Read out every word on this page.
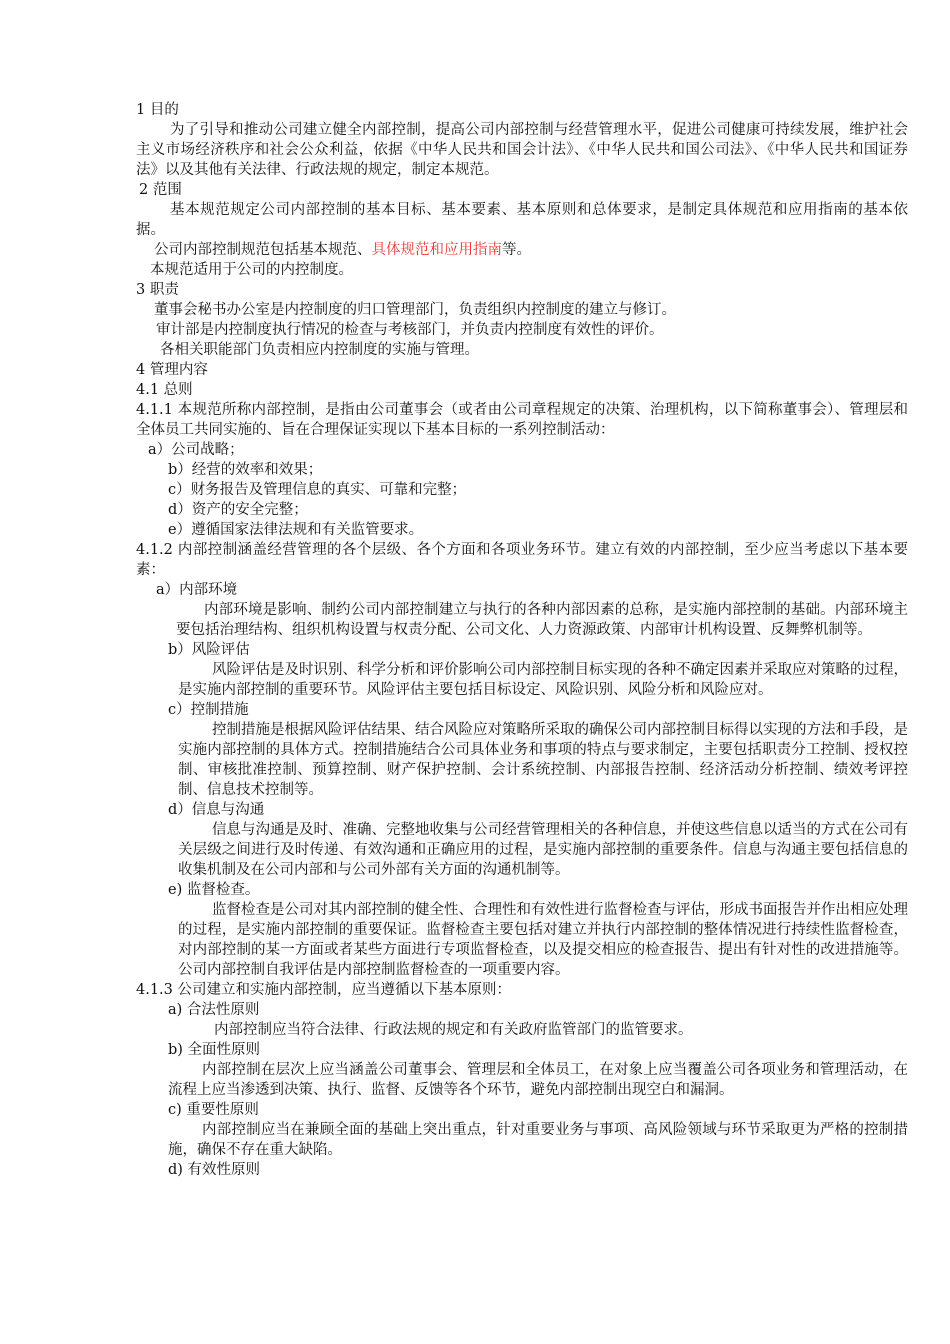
1 目的

为了引导和推动公司建立健全内部控制，提高公司内部控制与经营管理水平，促进公司健康可持续发展，维护社会主义市场经济秩序和社会公众利益，依据《中华人民共和国会计法》、《中华人民共和国公司法》、《中华人民共和国证券法》以及其他有关法律、行政法规的规定，制定本规范。

2 范围

基本规范规定公司内部控制的基本目标、基本要素、基本原则和总体要求，是制定具体规范和应用指南的基本依据。

公司内部控制规范包括基本规范、具体规范和应用指南等。

本规范适用于公司的内控制度。

3 职责

董事会秘书办公室是内控制度的归口管理部门，负责组织内控制度的建立与修订。

审计部是内控制度执行情况的检查与考核部门，并负责内控制度有效性的评价。

各相关职能部门负责相应内控制度的实施与管理。

4 管理内容

4.1 总则

4.1.1 本规范所称内部控制，是指由公司董事会（或者由公司章程规定的决策、治理机构，以下简称董事会）、管理层和全体员工共同实施的、旨在合理保证实现以下基本目标的一系列控制活动：

a）公司战略；

b）经营的效率和效果；

c）财务报告及管理信息的真实、可靠和完整；

d）资产的安全完整；

e）遵循国家法律法规和有关监管要求。

4.1.2 内部控制涵盖经营管理的各个层级、各个方面和各项业务环节。建立有效的内部控制，至少应当考虑以下基本要素：

a）内部环境

内部环境是影响、制约公司内部控制建立与执行的各种内部因素的总称，是实施内部控制的基础。内部环境主要包括治理结构、组织机构设置与权责分配、公司文化、人力资源政策、内部审计机构设置、反舞弊机制等。

b）风险评估

风险评估是及时识别、科学分析和评价影响公司内部控制目标实现的各种不确定因素并采取应对策略的过程，是实施内部控制的重要环节。风险评估主要包括目标设定、风险识别、风险分析和风险应对。

c）控制措施

控制措施是根据风险评估结果、结合风险应对策略所采取的确保公司内部控制目标得以实现的方法和手段，是实施内部控制的具体方式。控制措施结合公司具体业务和事项的特点与要求制定，主要包括职责分工控制、授权控制、审核批准控制、预算控制、财产保护控制、会计系统控制、内部报告控制、经济活动分析控制、绩效考评控制、信息技术控制等。

d）信息与沟通

信息与沟通是及时、准确、完整地收集与公司经营管理相关的各种信息，并使这些信息以适当的方式在公司有关层级之间进行及时传递、有效沟通和正确应用的过程，是实施内部控制的重要条件。信息与沟通主要包括信息的收集机制及在公司内部和与公司外部有关方面的沟通机制等。

e) 监督检查。

监督检查是公司对其内部控制的健全性、合理性和有效性进行监督检查与评估，形成书面报告并作出相应处理的过程，是实施内部控制的重要保证。监督检查主要包括对建立并执行内部控制的整体情况进行持续性监督检查，对内部控制的某一方面或者某些方面进行专项监督检查，以及提交相应的检查报告、提出有针对性的改进措施等。公司内部控制自我评估是内部控制监督检查的一项重要内容。

4.1.3 公司建立和实施内部控制，应当遵循以下基本原则：

a) 合法性原则

内部控制应当符合法律、行政法规的规定和有关政府监管部门的监管要求。

b) 全面性原则

内部控制在层次上应当涵盖公司董事会、管理层和全体员工，在对象上应当覆盖公司各项业务和管理活动，在流程上应当渗透到决策、执行、监督、反馈等各个环节，避免内部控制出现空白和漏洞。

c) 重要性原则

内部控制应当在兼顾全面的基础上突出重点，针对重要业务与事项、高风险领域与环节采取更为严格的控制措施，确保不存在重大缺陷。

d) 有效性原则
